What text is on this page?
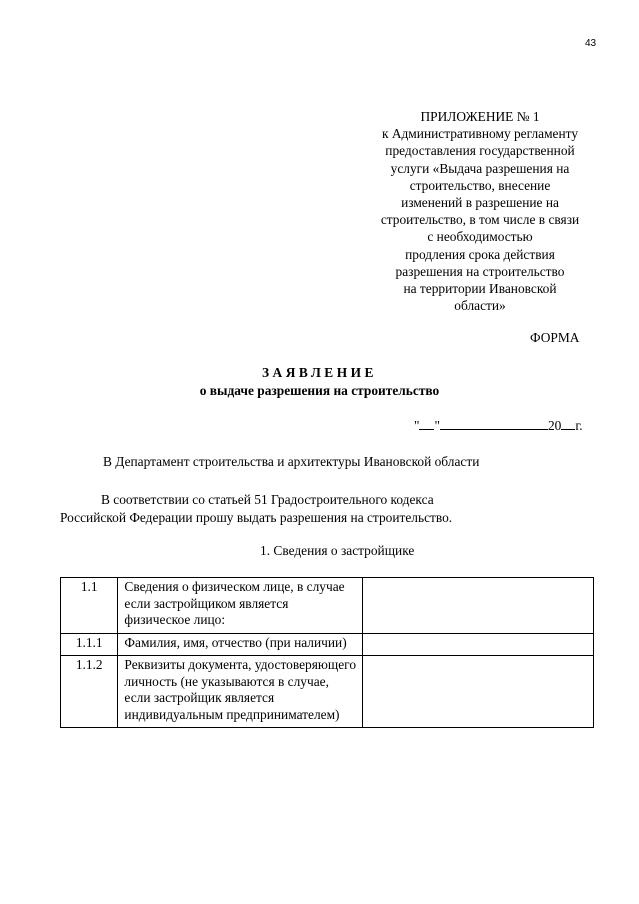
43
ПРИЛОЖЕНИЕ № 1
к Административному регламенту
предоставления государственной
услуги «Выдача разрешения на
строительство, внесение
изменений в разрешение на
строительство, в том числе в связи
с необходимостью
продления срока действия
разрешения на строительство
на территории Ивановской
области»
ФОРМА
ЗАЯВЛЕНИЕ
о выдаче разрешения на строительство
" "	20 г.
В Департамент строительства и архитектуры Ивановской области
В соответствии со статьей 51 Градостроительного кодекса
Российской Федерации прошу выдать разрешения на строительство.
1. Сведения о застройщике
1.1	Сведения о физическом лице, в случае если застройщиком является физическое лицо:	
1.1.1	Фамилия, имя, отчество (при наличии)	
1.1.2	Реквизиты документа, удостоверяющего личность (не указываются в случае, если застройщик является индивидуальным предпринимателем)	
